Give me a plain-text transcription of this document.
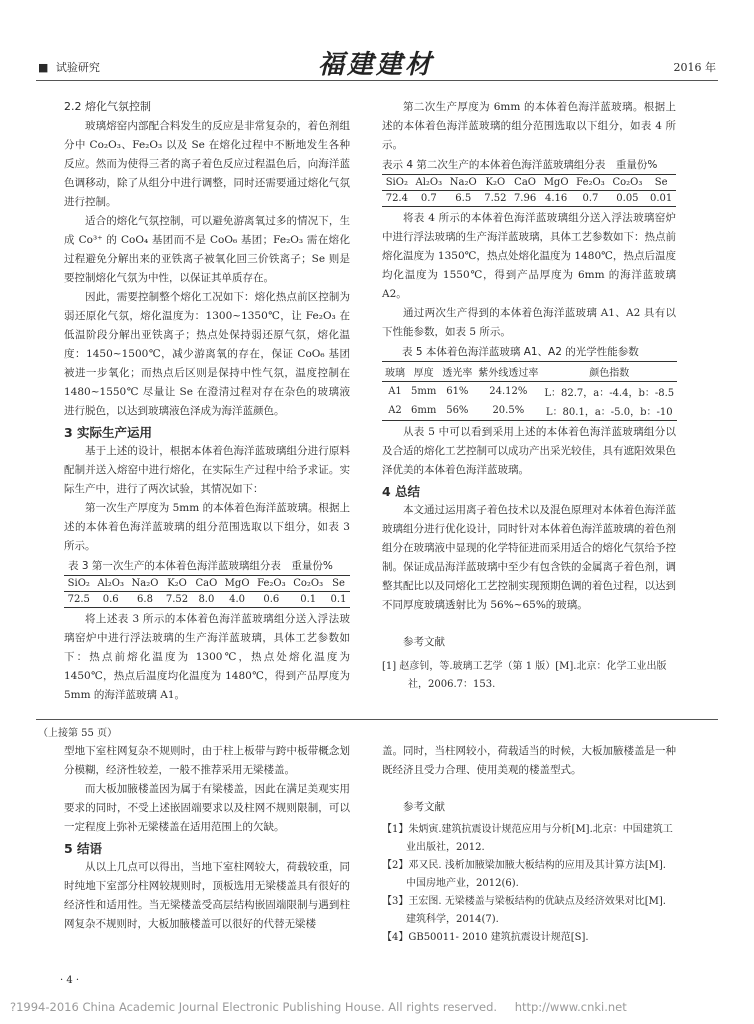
■ 试验研究	福建建材	2016 年

2.2 熔化气氛控制

玻璃熔窑内部配合料发生的反应是非常复杂的，着色剂组分中 Co₂O₃、Fe₂O₃ 以及 Se 在熔化过程中不断地发生各种反应。然而为使得三者的离子着色反应过程温色后，向海洋蓝色调移动，除了从组分中进行调整，同时还需要通过熔化气氛进行控制。

适合的熔化气氛控制，可以避免游离氧过多的情况下，生成 Co³⁺ 的 CoO₄ 基团而不是 CoO₆ 基团；Fe₂O₃ 需在熔化过程避免分解出来的亚铁离子被氧化回三价铁离子；Se 则是要控制熔化气氛为中性，以保证其单质存在。

因此，需要控制整个熔化工况如下：熔化热点前区控制为弱还原化气氛，熔化温度为：1300~1350℃，让 Fe₂O₃ 在低温阶段分解出亚铁离子；热点处保持弱还原气氛，熔化温度：1450~1500℃，减少游离氧的存在，保证 CoO₆ 基团被进一步氧化；而热点后区则是保持中性气氛，温度控制在1480~1550℃ 尽量让 Se 在澄清过程对存在杂色的玻璃液进行脱色，以达到玻璃液色泽成为海洋蓝颜色。

3 实际生产运用

基于上述的设计，根据本体着色海洋蓝玻璃组分进行原料配制并送入熔窑中进行熔化，在实际生产过程中给予求证。实际生产中，进行了两次试验，其情况如下：

第一次生产厚度为 5mm 的本体着色海洋蓝玻璃。根据上述的本体着色海洋蓝玻璃的组分范围选取以下组分，如表 3 所示。

表 3 第一次生产的本体着色海洋蓝玻璃组分表　重量份%

SiO₂	Al₂O₃	Na₂O	K₂O	CaO	MgO	Fe₂O₃	Co₂O₃	Se
72.5	0.6	6.8	7.52	8.0	4.0	0.6	0.1	0.1

将上述表 3 所示的本体着色海洋蓝玻璃组分送入浮法玻璃窑炉中进行浮法玻璃的生产海洋蓝玻璃，具体工艺参数如下：热点前熔化温度为 1300℃，热点处熔化温度为 1450℃，热点后温度均化温度为 1480℃，得到产品厚度为 5mm 的海洋蓝玻璃 A1。

第二次生产厚度为 6mm 的本体着色海洋蓝玻璃。根据上述的本体着色海洋蓝玻璃的组分范围选取以下组分，如表 4 所示。

表示 4 第二次生产的本体着色海洋蓝玻璃组分表　重量份%

SiO₂	Al₂O₃	Na₂O	K₂O	CaO	MgO	Fe₂O₃	Co₂O₃	Se
72.4	0.7	6.5	7.52	7.96	4.16	0.7	0.05	0.01

将表 4 所示的本体着色海洋蓝玻璃组分送入浮法玻璃窑炉中进行浮法玻璃的生产海洋蓝玻璃，具体工艺参数如下：热点前熔化温度为 1350℃，热点处熔化温度为 1480℃，热点后温度均化温度为 1550℃，得到产品厚度为 6mm 的海洋蓝玻璃 A2。

通过两次生产得到的本体着色海洋蓝玻璃 A1、A2 具有以下性能参数，如表 5 所示。

表 5 本体着色海洋蓝玻璃 A1、A2 的光学性能参数

玻璃	厚度	透光率	紫外线透过率	颜色指数
A1	5mm	61%	24.12%	L：82.7，a：-4.4，b：-8.5
A2	6mm	56%	20.5%	L：80.1，a：-5.0，b：-10

从表 5 中可以看到采用上述的本体着色海洋蓝玻璃组分以及合适的熔化工艺控制可以成功产出采光较佳，具有遮阳效果色泽优美的本体着色海洋蓝玻璃。

4 总结

本文通过运用离子着色技术以及混色原理对本体着色海洋蓝玻璃组分进行优化设计，同时针对本体着色海洋蓝玻璃的着色剂组分在玻璃液中显现的化学特征进而采用适合的熔化气氛给予控制。保证成品海洋蓝玻璃中至少有包含铁的金属离子着色剂，调整其配比以及同熔化工艺控制实现预期色调的着色过程，以达到不同厚度玻璃透射比为 56%~65%的玻璃。

参考文献

[1] 赵彦钊，等.玻璃工艺学（第 1 版）[M].北京：化学工业出版社，2006.7：153.

（上接第 55 页）

型地下室柱网复杂不规则时，由于柱上板带与跨中板带概念划分模糊，经济性较差，一般不推荐采用无梁楼盖。

而大板加腋楼盖因为属于有梁楼盖，因此在满足美观实用要求的同时，不受上述嵌固端要求以及柱网不规则限制，可以一定程度上弥补无梁楼盖在适用范围上的欠缺。

5 结语

从以上几点可以得出，当地下室柱网较大，荷载较重，同时纯地下室部分柱网较规则时，顶板选用无梁楼盖具有很好的经济性和适用性。当无梁楼盖受高层结构嵌固端限制与遇到柱网复杂不规则时，大板加腋楼盖可以很好的代替无梁楼

盖。同时，当柱网较小，荷载适当的时候，大板加腋楼盖是一种既经济且受力合理、使用美观的楼盖型式。

参考文献

【1】朱炳寅.建筑抗震设计规范应用与分析[M].北京：中国建筑工业出版社，2012.

【2】邓又民. 浅析加腋梁加腋大板结构的应用及其计算方法[M]. 中国房地产业，2012(6).

【3】王宏图. 无梁楼盖与梁板结构的优缺点及经济效果对比[M]. 建筑科学，2014(7).

【4】GB50011- 2010 建筑抗震设计规范[S].

· 4 ·
?1994-2016 China Academic Journal Electronic Publishing House. All rights reserved. http://www.cnki.net
